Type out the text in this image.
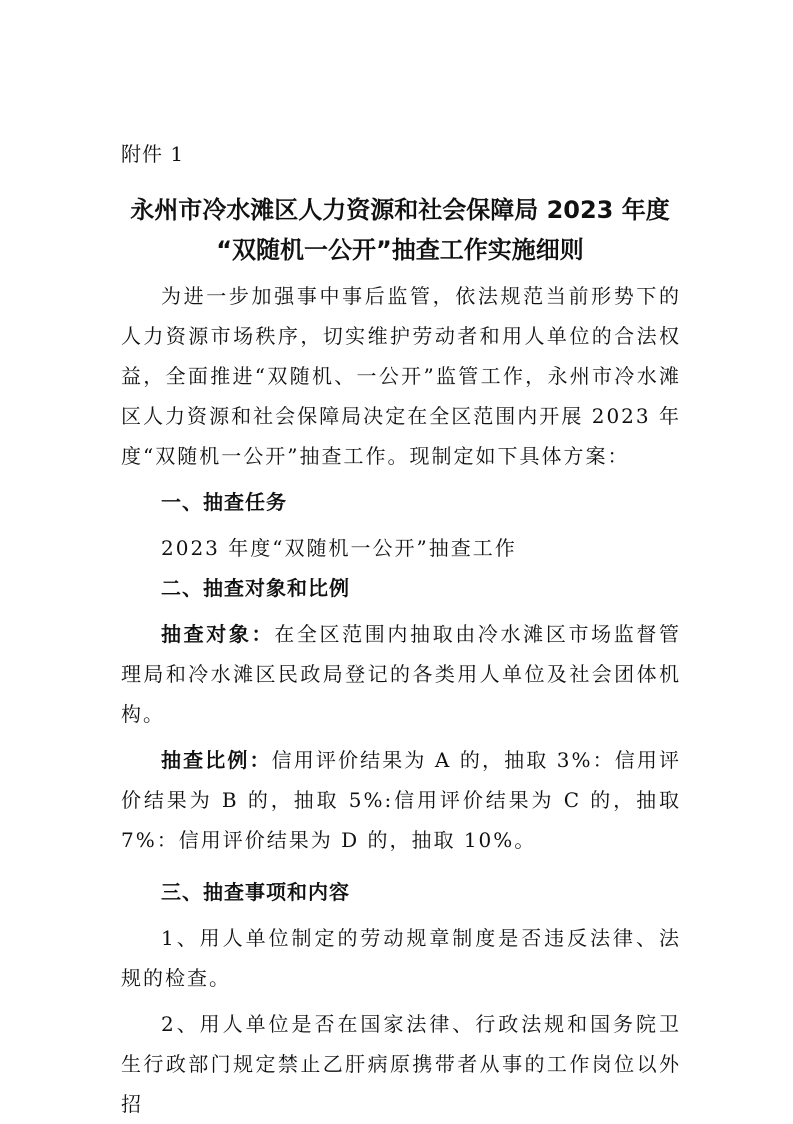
附件 1
永州市冷水滩区人力资源和社会保障局 2023 年度
“双随机一公开”抽查工作实施细则

为进一步加强事中事后监管，依法规范当前形势下的人力资源市场秩序，切实维护劳动者和用人单位的合法权益，全面推进“双随机、一公开”监管工作，永州市冷水滩区人力资源和社会保障局决定在全区范围内开展 2023 年度“双随机一公开”抽查工作。现制定如下具体方案：

一、抽查任务

2023 年度“双随机一公开”抽查工作

二、抽查对象和比例

抽查对象：在全区范围内抽取由冷水滩区市场监督管理局和冷水滩区民政局登记的各类用人单位及社会团体机构。

抽查比例：信用评价结果为 A 的，抽取 3%：信用评价结果为 B 的，抽取 5%:信用评价结果为 C 的，抽取 7%：信用评价结果为 D 的，抽取 10%。

三、抽查事项和内容

1、用人单位制定的劳动规章制度是否违反法律、法规的检查。

2、用人单位是否在国家法律、行政法规和国务院卫生行政部门规定禁止乙肝病原携带者从事的工作岗位以外招
